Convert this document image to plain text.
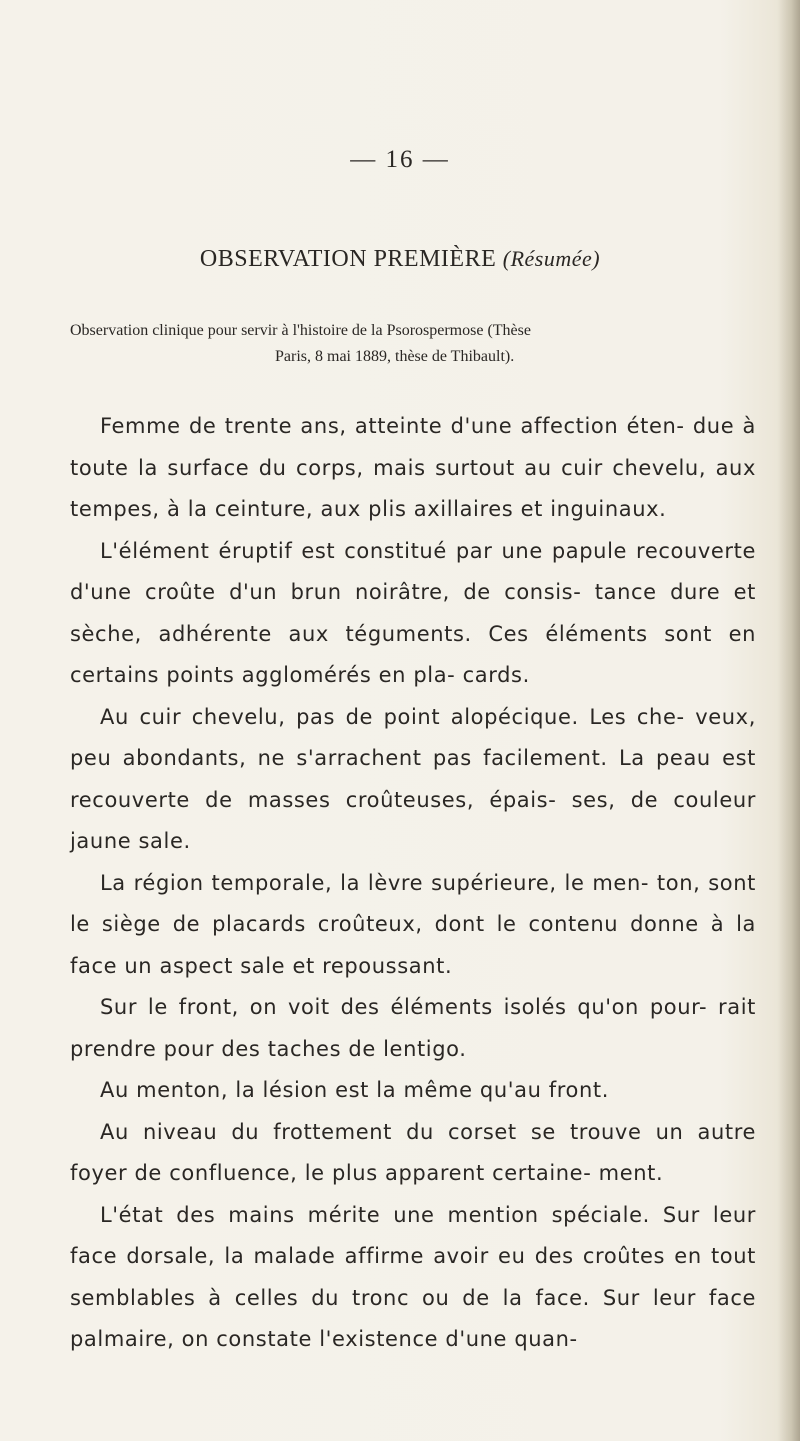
— 16 —
OBSERVATION PREMIÈRE (Résumée)
Observation clinique pour servir à l'histoire de la Psorospermose (Thèse
Paris, 8 mai 1889, thèse de Thibault).

Femme de trente ans, atteinte d'une affection éten- due à toute la surface du corps, mais surtout au cuir chevelu, aux tempes, à la ceinture, aux plis axillaires et inguinaux.

L'élément éruptif est constitué par une papule recouverte d'une croûte d'un brun noirâtre, de consis- tance dure et sèche, adhérente aux téguments. Ces éléments sont en certains points agglomérés en pla- cards.

Au cuir chevelu, pas de point alopécique. Les che- veux, peu abondants, ne s'arrachent pas facilement. La peau est recouverte de masses croûteuses, épais- ses, de couleur jaune sale.

La région temporale, la lèvre supérieure, le men- ton, sont le siège de placards croûteux, dont le contenu donne à la face un aspect sale et repoussant.

Sur le front, on voit des éléments isolés qu'on pour- rait prendre pour des taches de lentigo.

Au menton, la lésion est la même qu'au front.

Au niveau du frottement du corset se trouve un autre foyer de confluence, le plus apparent certaine- ment.

L'état des mains mérite une mention spéciale. Sur leur face dorsale, la malade affirme avoir eu des croûtes en tout semblables à celles du tronc ou de la face. Sur leur face palmaire, on constate l'existence d'une quan-
